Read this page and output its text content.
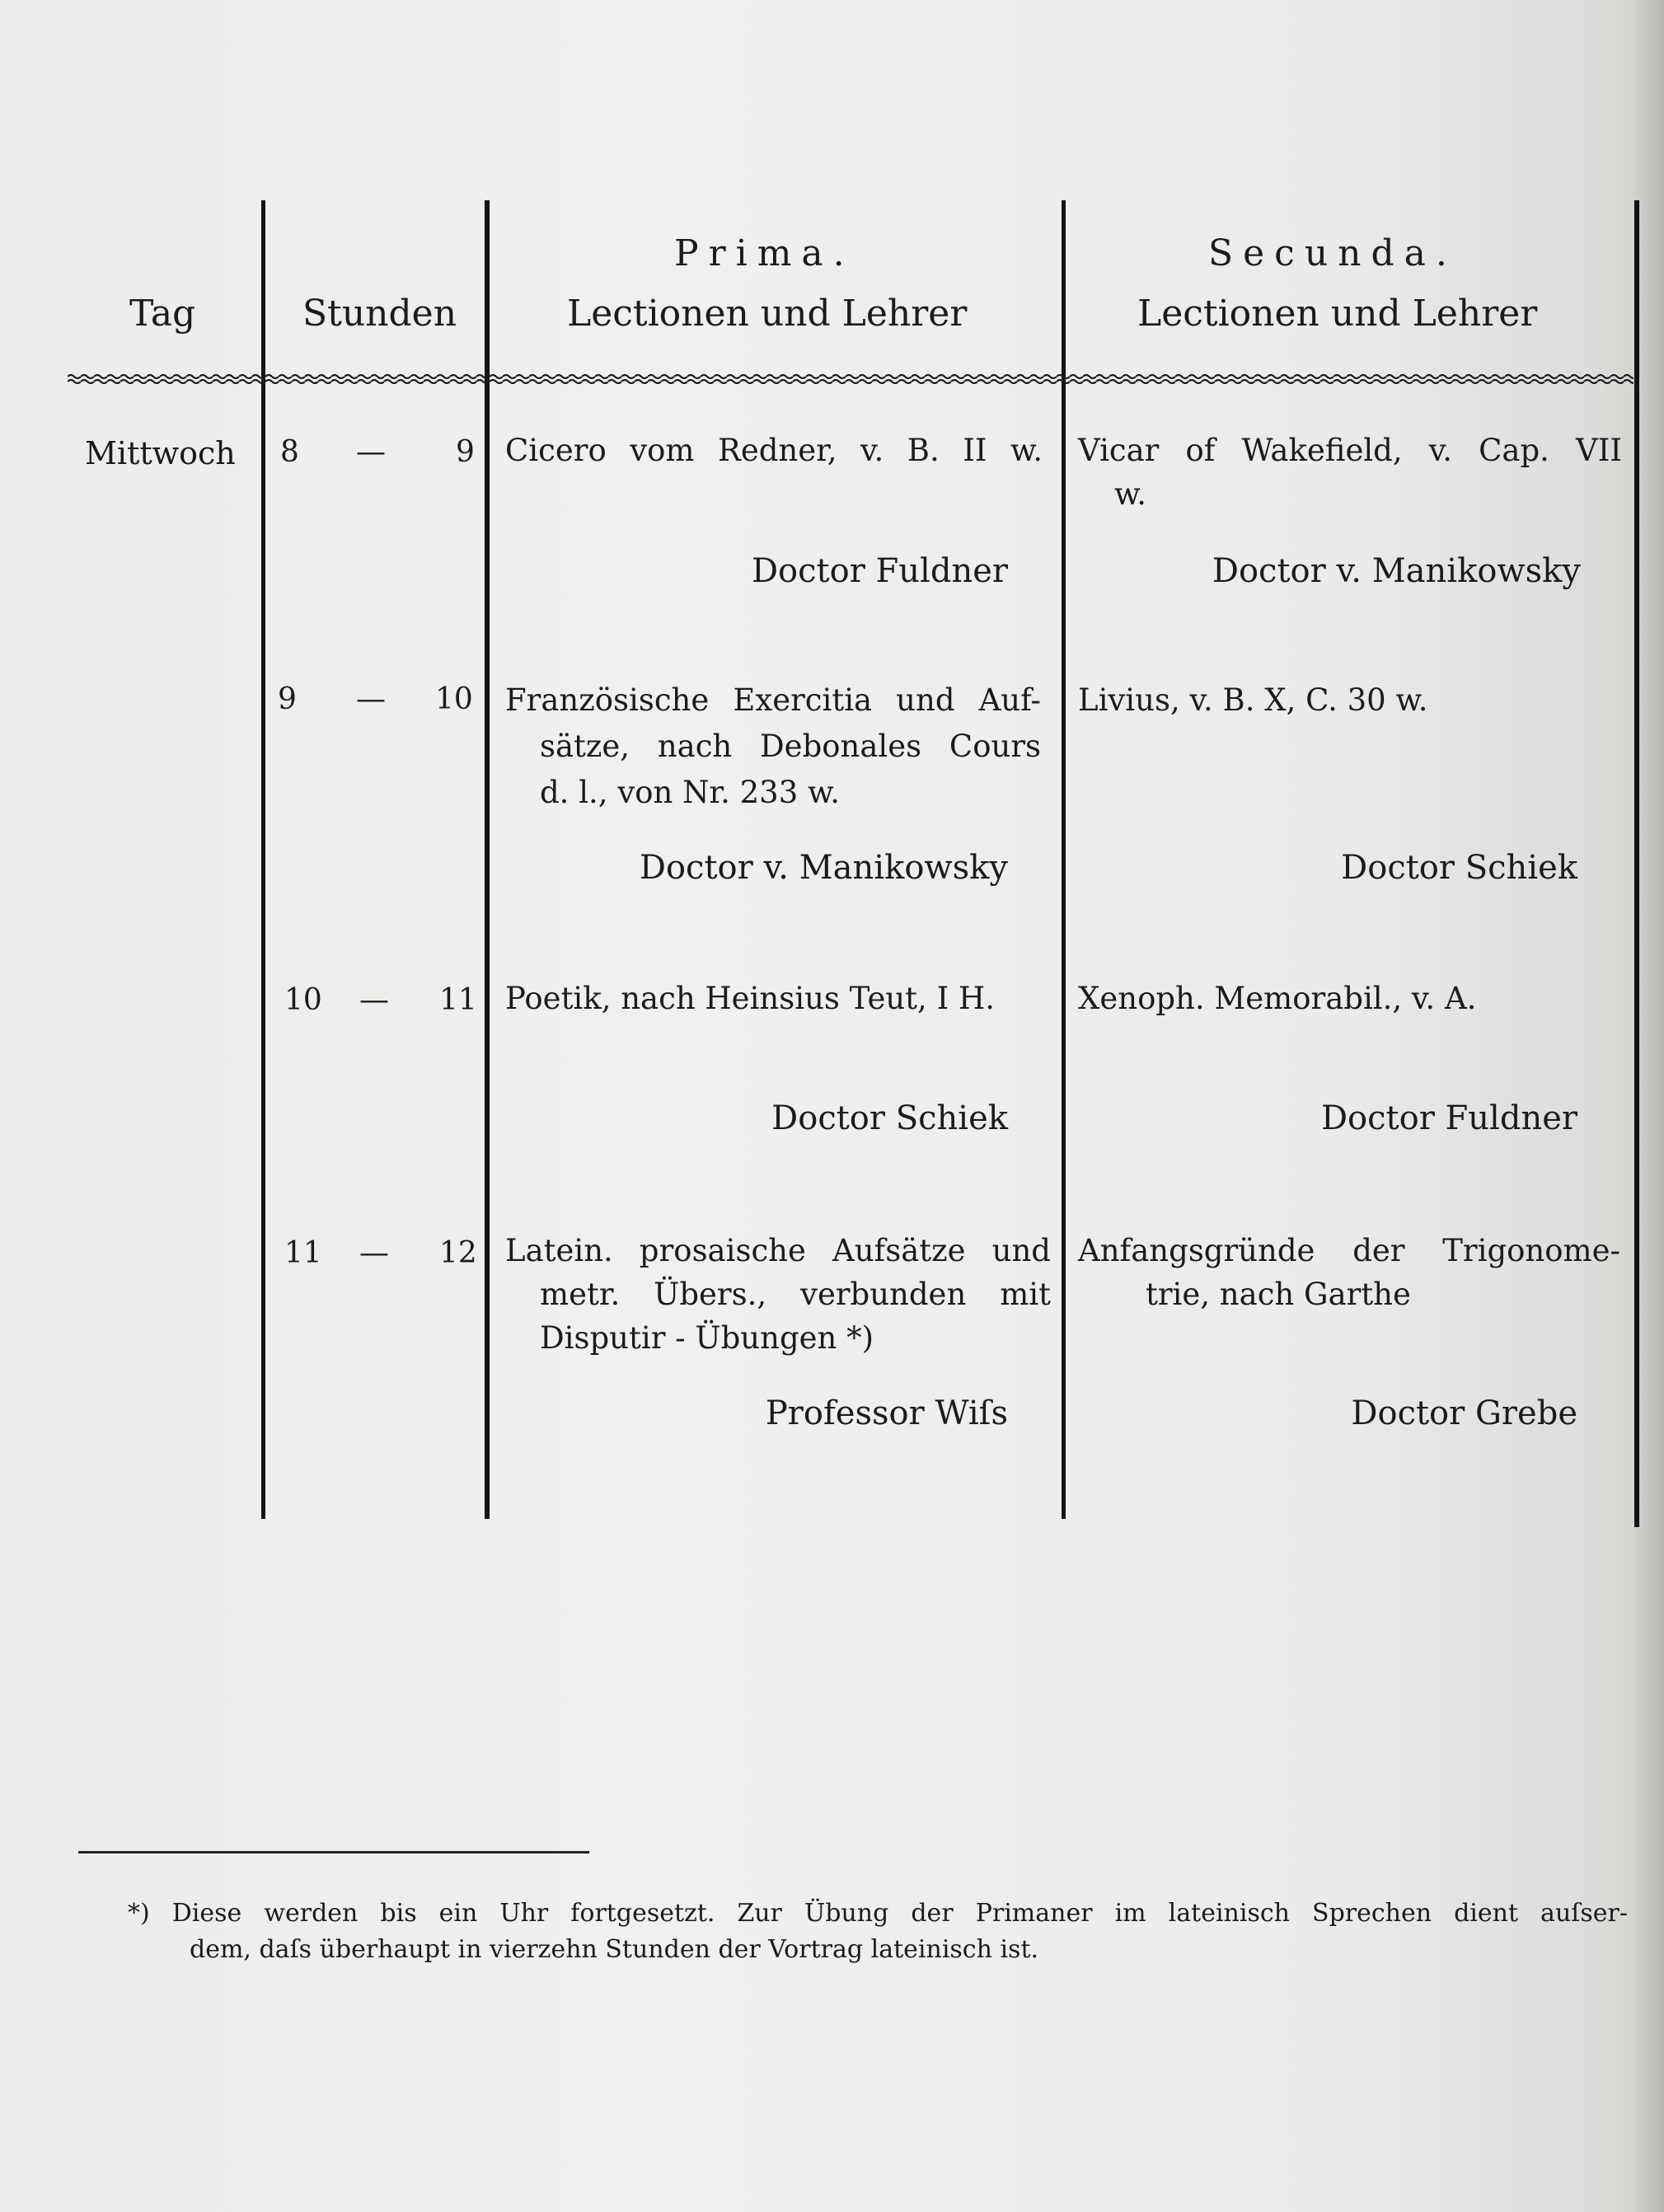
Tag	Stunden
Prima.
Lectionen und Lehrer
Secunda.
Lectionen und Lehrer
Mittwoch 8 — 9 Cicero vom Redner, v. B. II w.
Doctor Fuldner
Vicar of Wakefield, v. Cap. VII
w.
Doctor v. Manikowsky
9 — 10 Französische Exercitia und Auf-
sätze, nach Debonales Cours
d. l., von Nr. 233 w.
Doctor v. Manikowsky
Livius, v. B. X, C. 30 w.
Doctor Schiek
10 — 11 Poetik, nach Heinsius Teut, I H.
Doctor Schiek
Xenoph. Memorabil., v. A.
Doctor Fuldner
11 — 12 Latein. prosaische Aufsätze und
metr. Übers., verbunden mit
Disputir - Übungen *)
Professor Wiſs
Anfangsgründe der Trigonome-
trie, nach Garthe
Doctor Grebe

*) Diese werden bis ein Uhr fortgesetzt. Zur Übung der Primaner im lateinisch Sprechen dient auſser-

dem, daſs überhaupt in vierzehn Stunden der Vortrag lateinisch ist.
